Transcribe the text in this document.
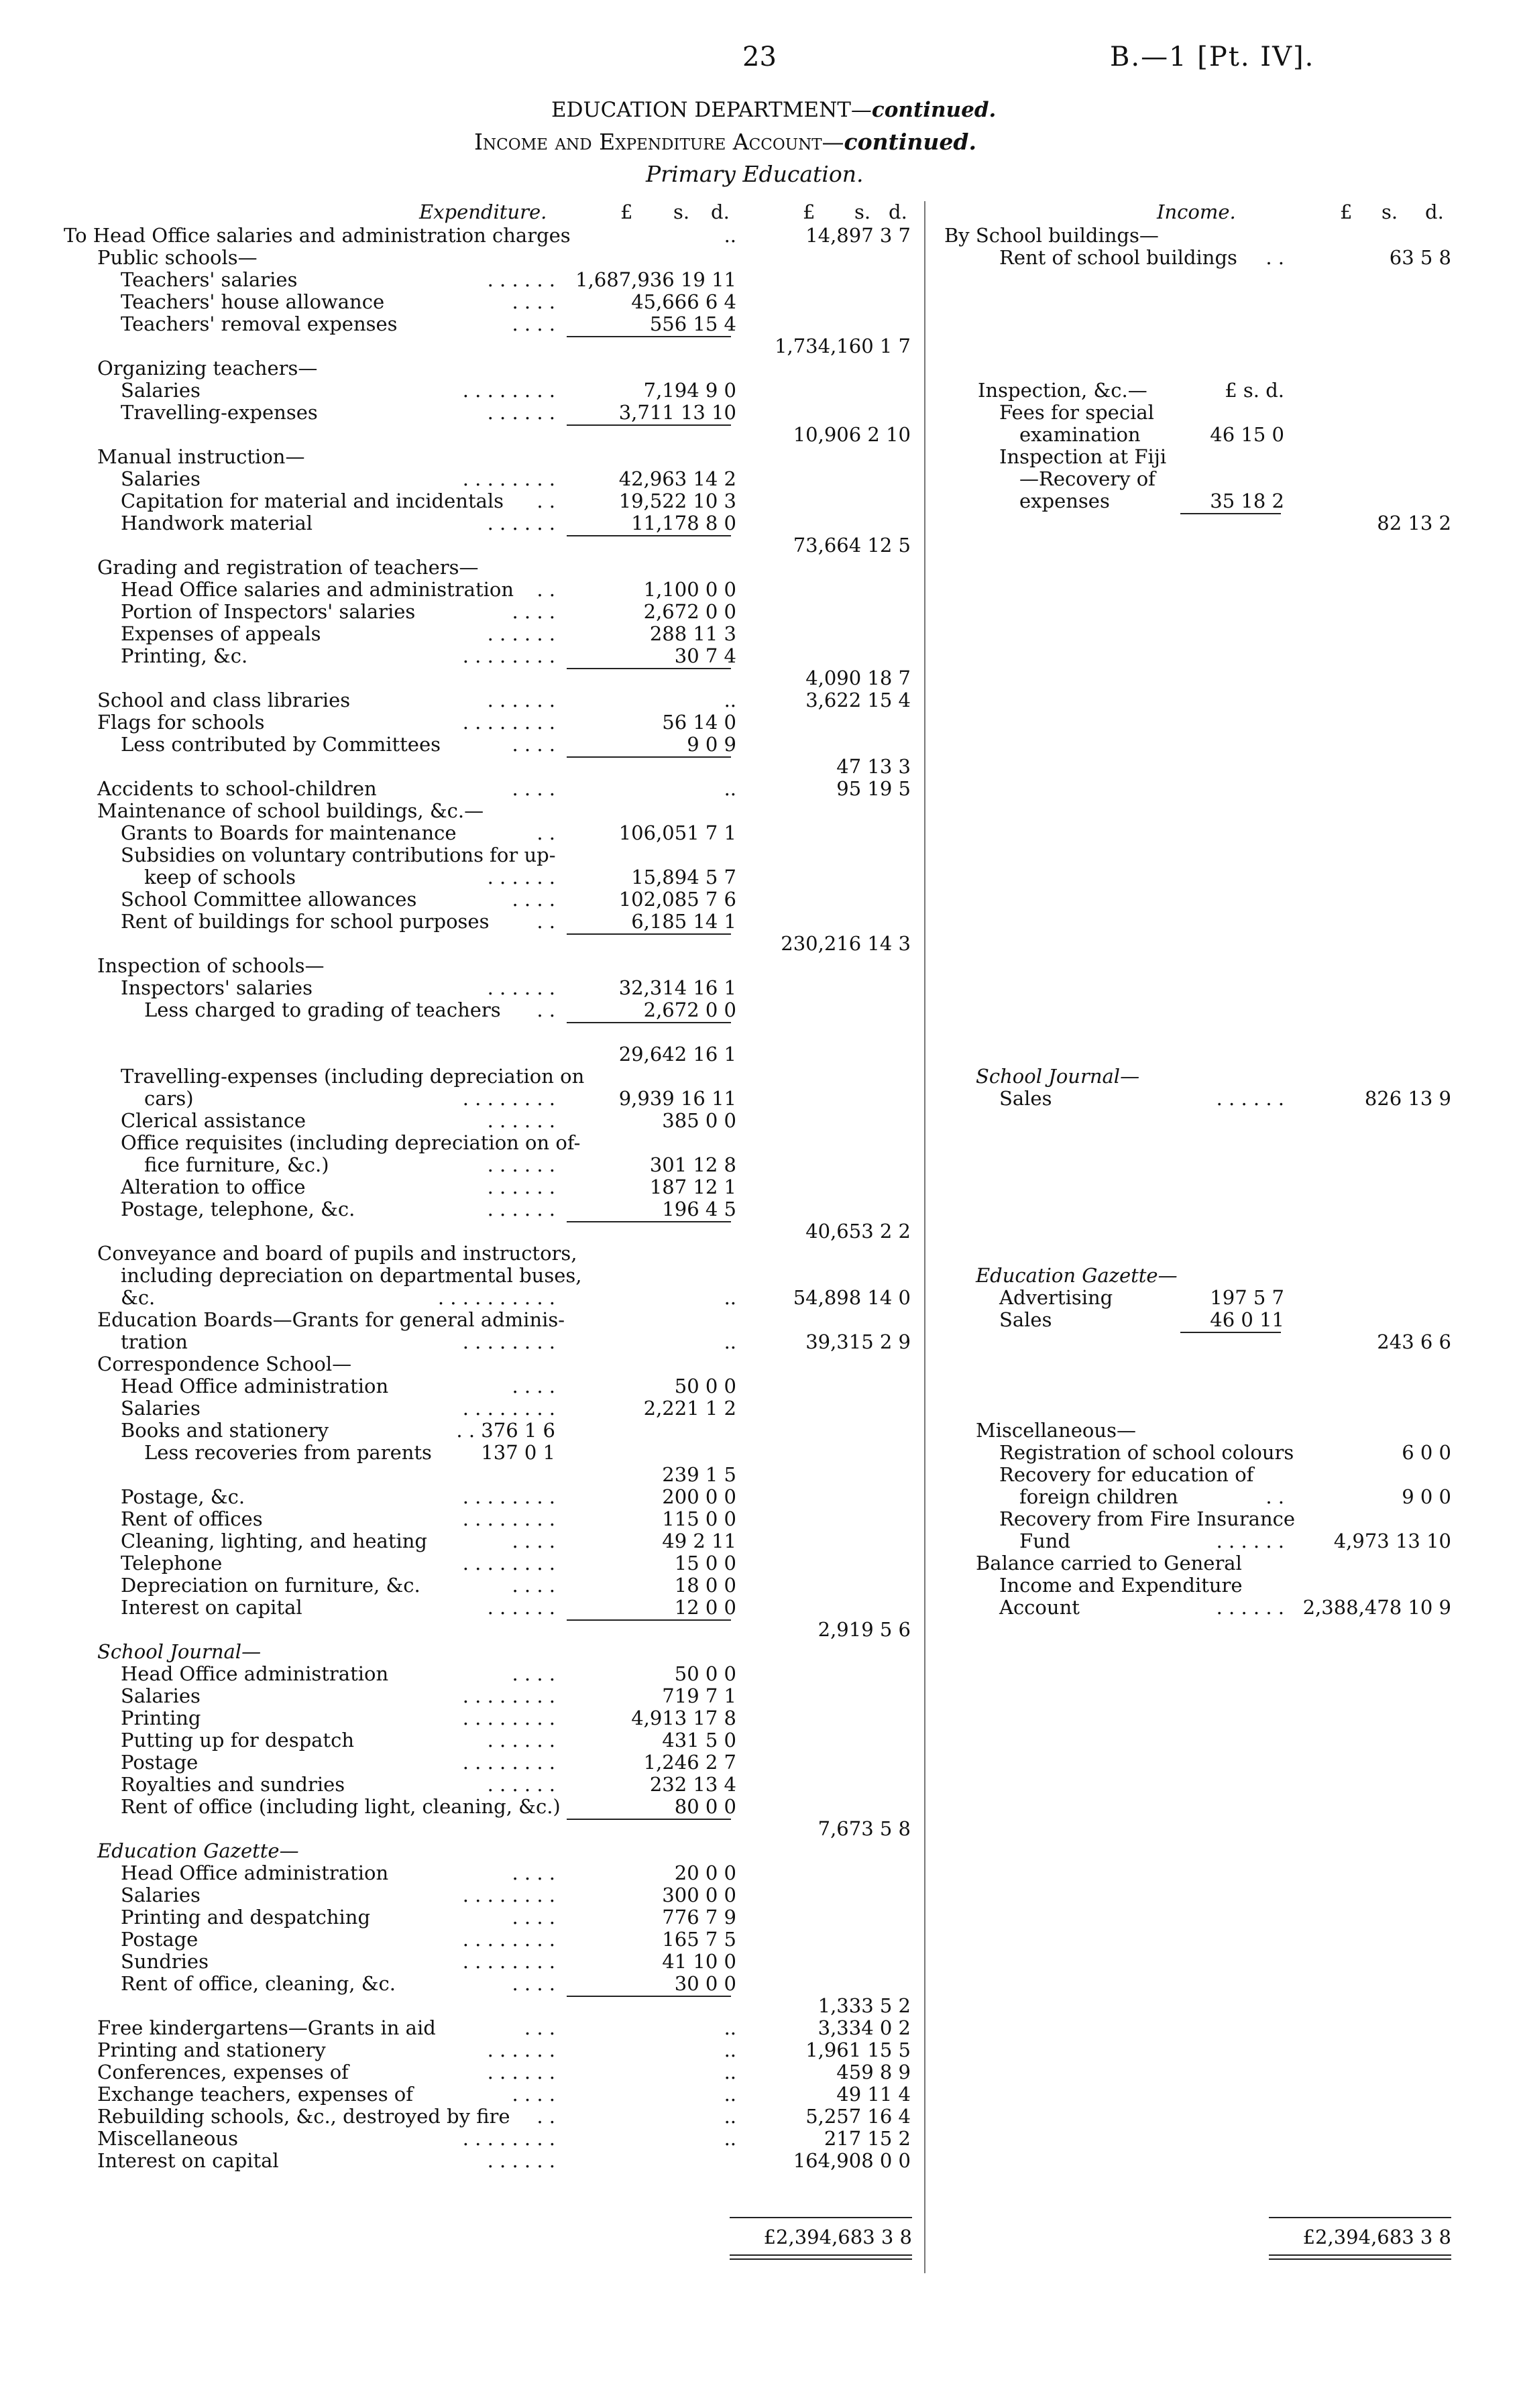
23	B.—1 [Pt. IV].
EDUCATION DEPARTMENT—continued.
Income and Expenditure Account—continued.
Primary Education.
Expenditure.	£ s. d.	£ s. d.	Income.	£ s. d.
To Head Office salaries and administration charges	..	14,897 3 7
Public schools—
Teachers' salaries	. . . . . .	1,687,936 19 11
Teachers' house allowance	. . . .	45,666 6 4
Teachers' removal expenses	. . . .	556 15 4
1,734,160 1 7
Organizing teachers—
Salaries	. . . . . . . .	7,194 9 0
Travelling-expenses	. . . . . .	3,711 13 10
10,906 2 10
Manual instruction—
Salaries	. . . . . . . .	42,963 14 2
Capitation for material and incidentals	. .	19,522 10 3
Handwork material	. . . . . .	11,178 8 0
73,664 12 5
Grading and registration of teachers—
Head Office salaries and administration	. .	1,100 0 0
Portion of Inspectors' salaries	. . . .	2,672 0 0
Expenses of appeals	. . . . . .	288 11 3
Printing, &c.	. . . . . . . .	30 7 4
4,090 18 7
School and class libraries	. . . . . .	..	3,622 15 4
Flags for schools	. . . . . . . .	56 14 0
Less contributed by Committees	. . . .	9 0 9
47 13 3
Accidents to school-children	. . . .	..	95 19 5
Maintenance of school buildings, &c.—
Grants to Boards for maintenance	. .	106,051 7 1
Subsidies on voluntary contributions for up-
keep of schools	. . . . . .	15,894 5 7
School Committee allowances	. . . .	102,085 7 6
Rent of buildings for school purposes	. .	6,185 14 1
230,216 14 3
Inspection of schools—
Inspectors' salaries	. . . . . .	32,314 16 1
Less charged to grading of teachers	. .	2,672 0 0
29,642 16 1
Travelling-expenses (including depreciation on
cars)	. . . . . . . .	9,939 16 11
Clerical assistance	. . . . . .	385 0 0
Office requisites (including depreciation on of-
fice furniture, &c.)	. . . . . .	301 12 8
Alteration to office	. . . . . .	187 12 1
Postage, telephone, &c.	. . . . . .	196 4 5
40,653 2 2
Conveyance and board of pupils and instructors,
including depreciation on departmental buses,
&c.	. . . . . . . . . .	..	54,898 14 0
Education Boards—Grants for general adminis-
tration	. . . . . . . .	..	39,315 2 9
Correspondence School—
Head Office administration	. . . .	50 0 0
Salaries	. . . . . . . .	2,221 1 2
Books and stationery	. . 376 1 6
Less recoveries from parents	137 0 1
239 1 5
Postage, &c.	. . . . . . . .	200 0 0
Rent of offices	. . . . . . . .	115 0 0
Cleaning, lighting, and heating	. . . .	49 2 11
Telephone	. . . . . . . .	15 0 0
Depreciation on furniture, &c.	. . . .	18 0 0
Interest on capital	. . . . . .	12 0 0
2,919 5 6
School Journal—
Head Office administration	. . . .	50 0 0
Salaries	. . . . . . . .	719 7 1
Printing	. . . . . . . .	4,913 17 8
Putting up for despatch	. . . . . .	431 5 0
Postage	. . . . . . . .	1,246 2 7
Royalties and sundries	. . . . . .	232 13 4
Rent of office (including light, cleaning, &c.)	80 0 0
7,673 5 8
Education Gazette—
Head Office administration	. . . .	20 0 0
Salaries	. . . . . . . .	300 0 0
Printing and despatching	. . . .	776 7 9
Postage	. . . . . . . .	165 7 5
Sundries	. . . . . . . .	41 10 0
Rent of office, cleaning, &c.	. . . .	30 0 0
1,333 5 2
Free kindergartens—Grants in aid	. . .	..	3,334 0 2
Printing and stationery	. . . . . .	..	1,961 15 5
Conferences, expenses of	. . . . . .	..	459 8 9
Exchange teachers, expenses of	. . . .	..	49 11 4
Rebuilding schools, &c., destroyed by fire	. .	..	5,257 16 4
Miscellaneous	. . . . . . . .	..	217 15 2
Interest on capital	. . . . . .	164,908 0 0
By School buildings—
Rent of school buildings	. .	63 5 8
Inspection, &c.—	£ s. d.
Fees for special
examination	46 15 0
Inspection at Fiji
—Recovery of
expenses	35 18 2
82 13 2
School Journal—
Sales	. . . . . .	826 13 9
Education Gazette—
Advertising	197 5 7
Sales	46 0 11
243 6 6
Miscellaneous—
Registration of school colours	6 0 0
Recovery for education of
foreign children	. .	9 0 0
Recovery from Fire Insurance
Fund	. . . . . .	4,973 13 10
Balance carried to General
Income and Expenditure
Account	. . . . . . 2,388,478 10 9
£2,394,683 3 8	£2,394,683 3 8
